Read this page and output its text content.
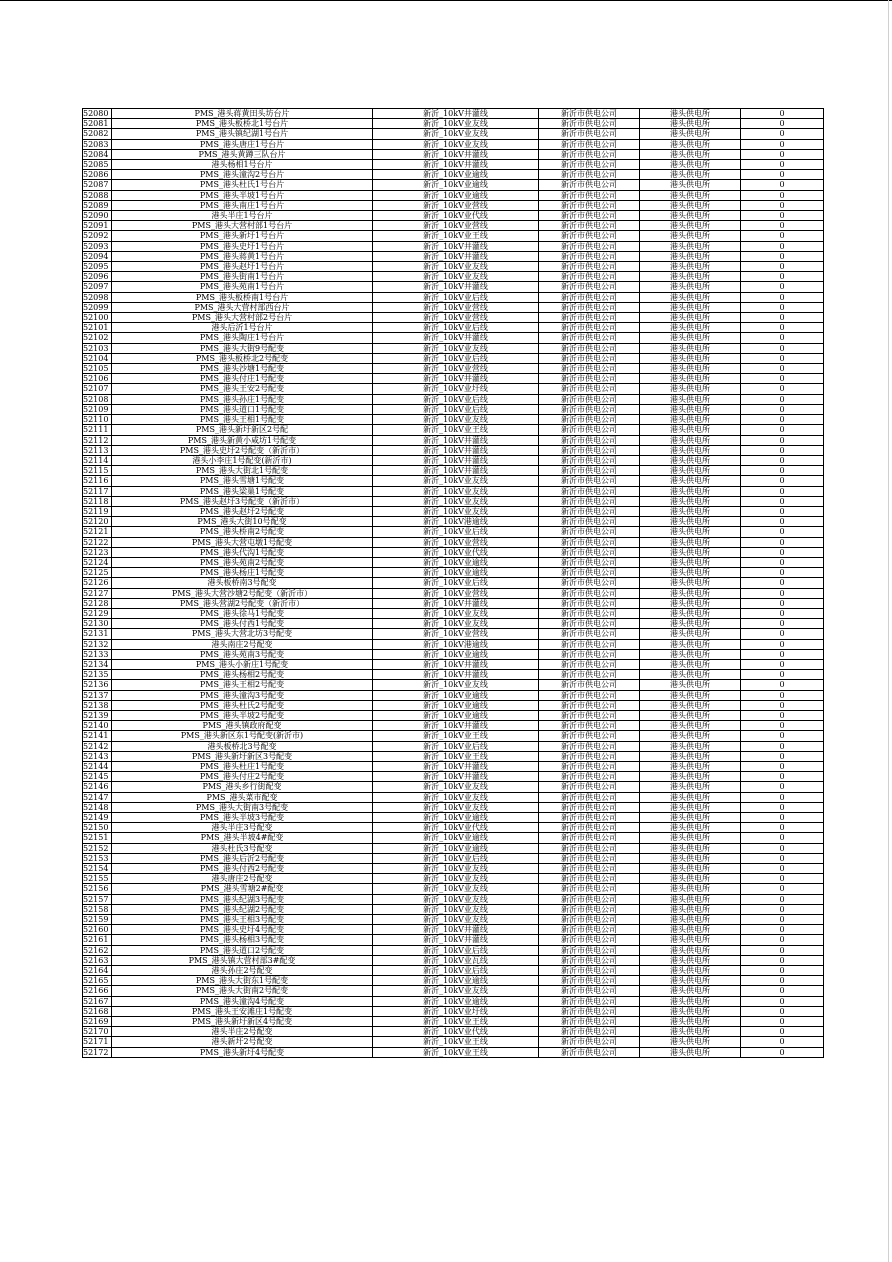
52080	PMS_港头蒋黄田头坊台片	新沂_10kV井灌线	新沂市供电公司	港头供电所	0
52081	PMS_港头板桥北1号台片	新沂_10kV业友线	新沂市供电公司	港头供电所	0
52082	PMS_港头镇纪湖1号台片	新沂_10kV业友线	新沂市供电公司	港头供电所	0
52083	PMS_港头唐庄1号台片	新沂_10kV业友线	新沂市供电公司	港头供电所	0
52084	PMS_港头黄蹲三队台片	新沂_10kV井灌线	新沂市供电公司	港头供电所	0
52085	港头杨相1号台片	新沂_10kV井灌线	新沂市供电公司	港头供电所	0
52086	PMS_港头潼沟2号台片	新沂_10kV业逾线	新沂市供电公司	港头供电所	0
52087	PMS_港头杜氏1号台片	新沂_10kV业逾线	新沂市供电公司	港头供电所	0
52088	PMS_港头半坡1号台片	新沂_10kV业逾线	新沂市供电公司	港头供电所	0
52089	PMS_港头南庄1号台片	新沂_10kV业营线	新沂市供电公司	港头供电所	0
52090	港头半庄1号台片	新沂_10kV业代线	新沂市供电公司	港头供电所	0
52091	PMS_港头大营村部1号台片	新沂_10kV业营线	新沂市供电公司	港头供电所	0
52092	PMS_港头新圩1号台片	新沂_10kV业王线	新沂市供电公司	港头供电所	0
52093	PMS_港头史圩1号台片	新沂_10kV井灌线	新沂市供电公司	港头供电所	0
52094	PMS_港头蒋黄1号台片	新沂_10kV井灌线	新沂市供电公司	港头供电所	0
52095	PMS_港头赵圩1号台片	新沂_10kV业友线	新沂市供电公司	港头供电所	0
52096	PMS_港头街南1号台片	新沂_10kV业友线	新沂市供电公司	港头供电所	0
52097	PMS_港头苑南1号台片	新沂_10kV井灌线	新沂市供电公司	港头供电所	0
52098	PMS_港头板桥南1号台片	新沂_10kV业后线	新沂市供电公司	港头供电所	0
52099	PMS_港头大营村部西台片	新沂_10kV业营线	新沂市供电公司	港头供电所	0
52100	PMS_港头大营村部2号台片	新沂_10kV业营线	新沂市供电公司	港头供电所	0
52101	港头后沂1号台片	新沂_10kV业后线	新沂市供电公司	港头供电所	0
52102	PMS_港头陶庄1号台片	新沂_10kV井灌线	新沂市供电公司	港头供电所	0
52103	PMS_港头大街9号配变	新沂_10kV业友线	新沂市供电公司	港头供电所	0
52104	PMS_港头板桥北2号配变	新沂_10kV业后线	新沂市供电公司	港头供电所	0
52105	PMS_港头沙塘1号配变	新沂_10kV业营线	新沂市供电公司	港头供电所	0
52106	PMS_港头付庄1号配变	新沂_10kV井灌线	新沂市供电公司	港头供电所	0
52107	PMS_港头王安2号配变	新沂_10kV业圩线	新沂市供电公司	港头供电所	0
52108	PMS_港头孙庄1号配变	新沂_10kV业后线	新沂市供电公司	港头供电所	0
52109	PMS_港头道口1号配变	新沂_10kV业后线	新沂市供电公司	港头供电所	0
52110	PMS_港头王相1号配变	新沂_10kV业友线	新沂市供电公司	港头供电所	0
52111	PMS_港头新圩新区2号配	新沂_10kV业王线	新沂市供电公司	港头供电所	0
52112	PMS_港头新黄小咸坊1号配变	新沂_10kV井灌线	新沂市供电公司	港头供电所	0
52113	PMS_港头史圩2号配变（新沂市）	新沂_10kV井灌线	新沂市供电公司	港头供电所	0
52114	港头小李庄1号配变(新沂市)	新沂_10kV井灌线	新沂市供电公司	港头供电所	0
52115	PMS_港头大街北1号配变	新沂_10kV井灌线	新沂市供电公司	港头供电所	0
52116	PMS_港头雪塘1号配变	新沂_10kV业友线	新沂市供电公司	港头供电所	0
52117	PMS_港头梁巢1号配变	新沂_10kV业友线	新沂市供电公司	港头供电所	0
52118	PMS_港头赵圩3号配变（新沂市）	新沂_10kV业友线	新沂市供电公司	港头供电所	0
52119	PMS_港头赵圩2号配变	新沂_10kV业友线	新沂市供电公司	港头供电所	0
52120	PMS_港头大街10号配变	新沂_10kV港逾线	新沂市供电公司	港头供电所	0
52121	PMS_港头桥南2号配变	新沂_10kV业后线	新沂市供电公司	港头供电所	0
52122	PMS_港头大营屯墩1号配变	新沂_10kV业营线	新沂市供电公司	港头供电所	0
52123	PMS_港头代沟1号配变	新沂_10kV业代线	新沂市供电公司	港头供电所	0
52124	PMS_港头苑南2号配变	新沂_10kV业逾线	新沂市供电公司	港头供电所	0
52125	PMS_港头杨庄1号配变	新沂_10kV业逾线	新沂市供电公司	港头供电所	0
52126	港头板桥南3号配变	新沂_10kV业后线	新沂市供电公司	港头供电所	0
52127	PMS_港头大营沙塘2号配变（新沂市）	新沂_10kV业营线	新沂市供电公司	港头供电所	0
52128	PMS_港头营湖2号配变（新沂市）	新沂_10kV井灌线	新沂市供电公司	港头供电所	0
52129	PMS_港头徐马1号配变	新沂_10kV业友线	新沂市供电公司	港头供电所	0
52130	PMS_港头付西1号配变	新沂_10kV业友线	新沂市供电公司	港头供电所	0
52131	PMS_港头大营北坊3号配变	新沂_10kV业营线	新沂市供电公司	港头供电所	0
52132	港头南庄2号配变	新沂_10kV港逾线	新沂市供电公司	港头供电所	0
52133	PMS_港头苑南3号配变	新沂_10kV业逾线	新沂市供电公司	港头供电所	0
52134	PMS_港头小新庄1号配变	新沂_10kV井灌线	新沂市供电公司	港头供电所	0
52135	PMS_港头杨相2号配变	新沂_10kV井灌线	新沂市供电公司	港头供电所	0
52136	PMS_港头王相2号配变	新沂_10kV业友线	新沂市供电公司	港头供电所	0
52137	PMS_港头潼沟3号配变	新沂_10kV业逾线	新沂市供电公司	港头供电所	0
52138	PMS_港头杜氏2号配变	新沂_10kV业逾线	新沂市供电公司	港头供电所	0
52139	PMS_港头半坡2号配变	新沂_10kV业逾线	新沂市供电公司	港头供电所	0
52140	PMS_港头镇政府配变	新沂_10kV井灌线	新沂市供电公司	港头供电所	0
52141	PMS_港头新区东1号配变(新沂市)	新沂_10kV业王线	新沂市供电公司	港头供电所	0
52142	港头板桥北3号配变	新沂_10kV业后线	新沂市供电公司	港头供电所	0
52143	PMS_港头新圩新区3号配变	新沂_10kV业王线	新沂市供电公司	港头供电所	0
52144	PMS_港头杜庄1号配变	新沂_10kV井灌线	新沂市供电公司	港头供电所	0
52145	PMS_港头付庄2号配变	新沂_10kV井灌线	新沂市供电公司	港头供电所	0
52146	PMS_港头乡行街配变	新沂_10kV业友线	新沂市供电公司	港头供电所	0
52147	PMS_港头菜市配变	新沂_10kV业友线	新沂市供电公司	港头供电所	0
52148	PMS_港头大街南3号配变	新沂_10kV业友线	新沂市供电公司	港头供电所	0
52149	PMS_港头半坡3号配变	新沂_10kV业逾线	新沂市供电公司	港头供电所	0
52150	港头半庄3号配变	新沂_10kV业代线	新沂市供电公司	港头供电所	0
52151	PMS_港头半坡4#配变	新沂_10kV业逾线	新沂市供电公司	港头供电所	0
52152	港头杜氏3号配变	新沂_10kV业逾线	新沂市供电公司	港头供电所	0
52153	PMS_港头后沂2号配变	新沂_10kV业后线	新沂市供电公司	港头供电所	0
52154	PMS_港头付西2号配变	新沂_10kV业友线	新沂市供电公司	港头供电所	0
52155	港头唐庄2号配变	新沂_10kV业友线	新沂市供电公司	港头供电所	0
52156	PMS_港头雪塘2#配变	新沂_10kV业友线	新沂市供电公司	港头供电所	0
52157	PMS_港头纪湖3号配变	新沂_10kV业友线	新沂市供电公司	港头供电所	0
52158	PMS_港头纪湖2号配变	新沂_10kV业友线	新沂市供电公司	港头供电所	0
52159	PMS_港头王相3号配变	新沂_10kV业友线	新沂市供电公司	港头供电所	0
52160	PMS_港头史圩4号配变	新沂_10kV井灌线	新沂市供电公司	港头供电所	0
52161	PMS_港头杨相3号配变	新沂_10kV井灌线	新沂市供电公司	港头供电所	0
52162	PMS_港头道口2号配变	新沂_10kV业后线	新沂市供电公司	港头供电所	0
52163	PMS_港头镇大营村部3#配变	新沂_10kV业瓦线	新沂市供电公司	港头供电所	0
52164	港头孙庄2号配变	新沂_10kV业后线	新沂市供电公司	港头供电所	0
52165	PMS_港头大街东1号配变	新沂_10kV业逾线	新沂市供电公司	港头供电所	0
52166	PMS_港头大街南2号配变	新沂_10kV业友线	新沂市供电公司	港头供电所	0
52167	PMS_港头潼沟4号配变	新沂_10kV业逾线	新沂市供电公司	港头供电所	0
52168	PMS_港头王安滩庄1号配变	新沂_10kV业圩线	新沂市供电公司	港头供电所	0
52169	PMS_港头新圩新区4号配变	新沂_10kV业王线	新沂市供电公司	港头供电所	0
52170	港头半庄2号配变	新沂_10kV业代线	新沂市供电公司	港头供电所	0
52171	港头新圩2号配变	新沂_10kV业王线	新沂市供电公司	港头供电所	0
52172	PMS_港头新圩4号配变	新沂_10kV业王线	新沂市供电公司	港头供电所	0
